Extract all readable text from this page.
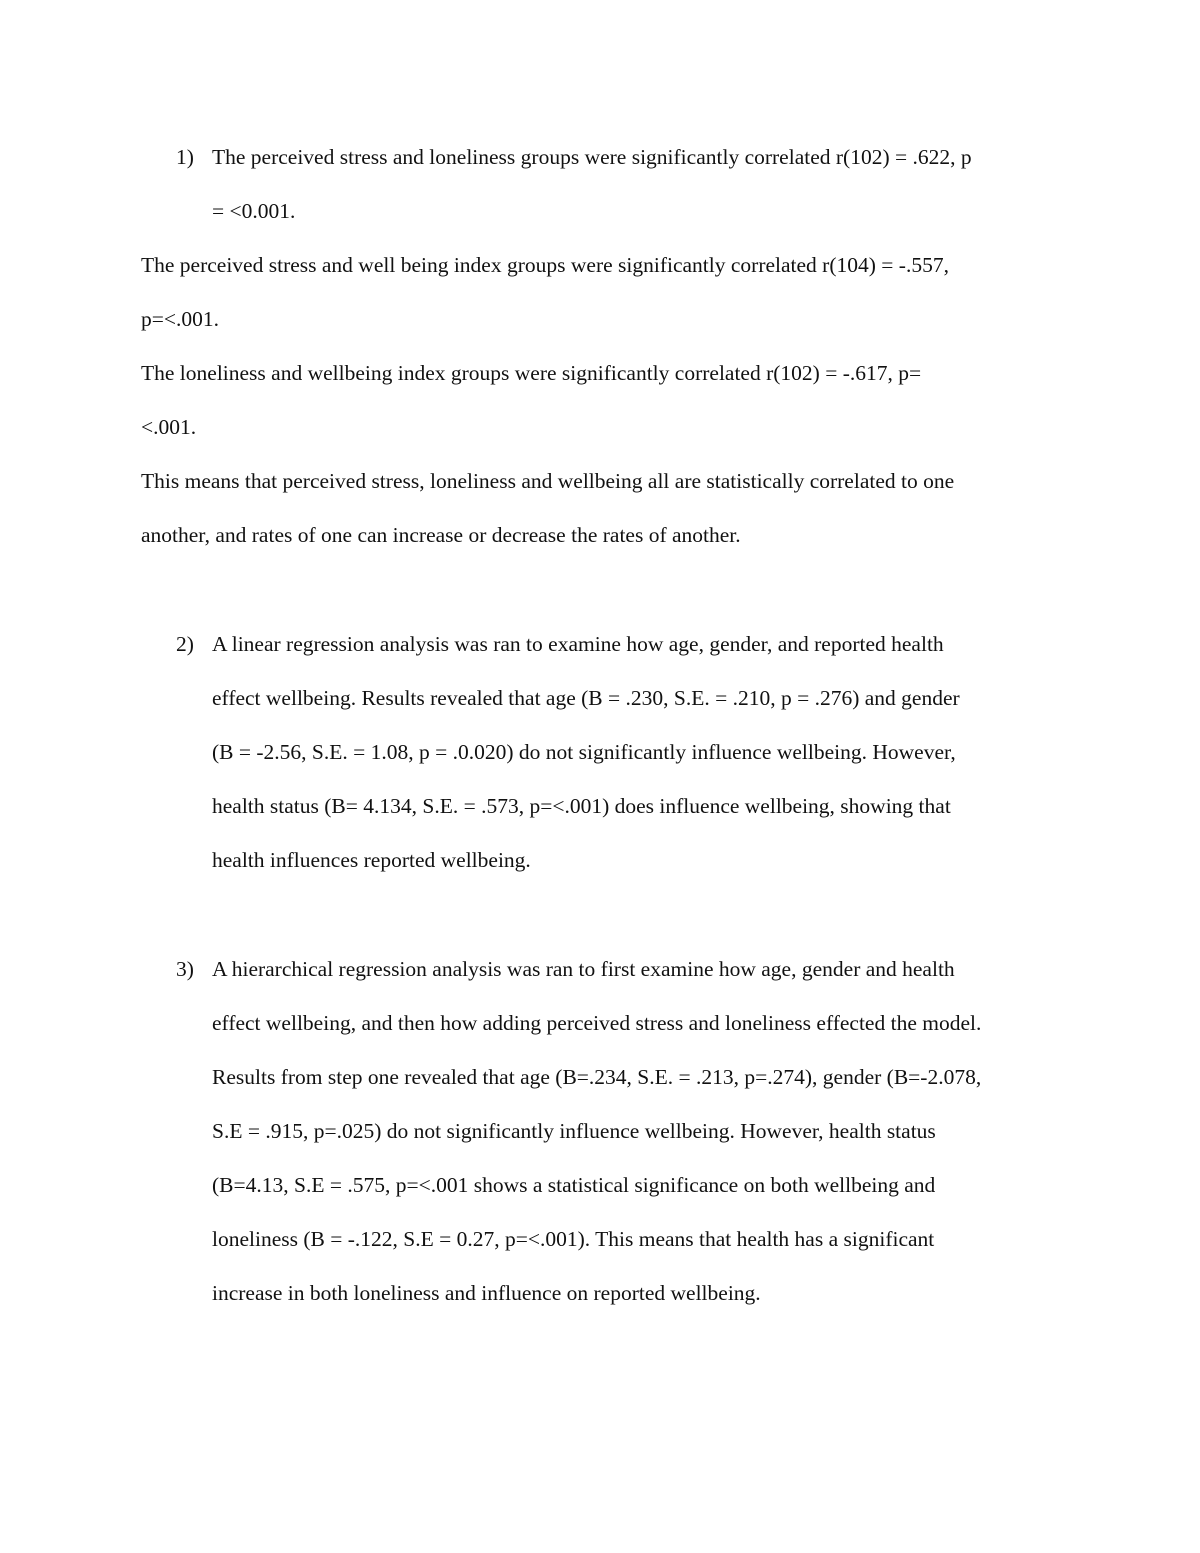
1) The perceived stress and loneliness groups were significantly correlated r(102) = .622, p
= <0.001.
The perceived stress and well being index groups were significantly correlated r(104) = -.557,
p=<.001.
The loneliness and wellbeing index groups were significantly correlated r(102) = -.617, p=
<.001.
This means that perceived stress, loneliness and wellbeing all are statistically correlated to one
another, and rates of one can increase or decrease the rates of another.
2) A linear regression analysis was ran to examine how age, gender, and reported health
effect wellbeing. Results revealed that age (B = .230, S.E. = .210, p = .276) and gender
(B = -2.56, S.E. = 1.08, p = .0.020) do not significantly influence wellbeing. However,
health status (B= 4.134, S.E. = .573, p=<.001) does influence wellbeing, showing that
health influences reported wellbeing.
3) A hierarchical regression analysis was ran to first examine how age, gender and health
effect wellbeing, and then how adding perceived stress and loneliness effected the model.
Results from step one revealed that age (B=.234, S.E. = .213, p=.274), gender (B=-2.078,
S.E = .915, p=.025) do not significantly influence wellbeing. However, health status
(B=4.13, S.E = .575, p=<.001 shows a statistical significance on both wellbeing and
loneliness (B = -.122, S.E = 0.27, p=<.001). This means that health has a significant
increase in both loneliness and influence on reported wellbeing.
